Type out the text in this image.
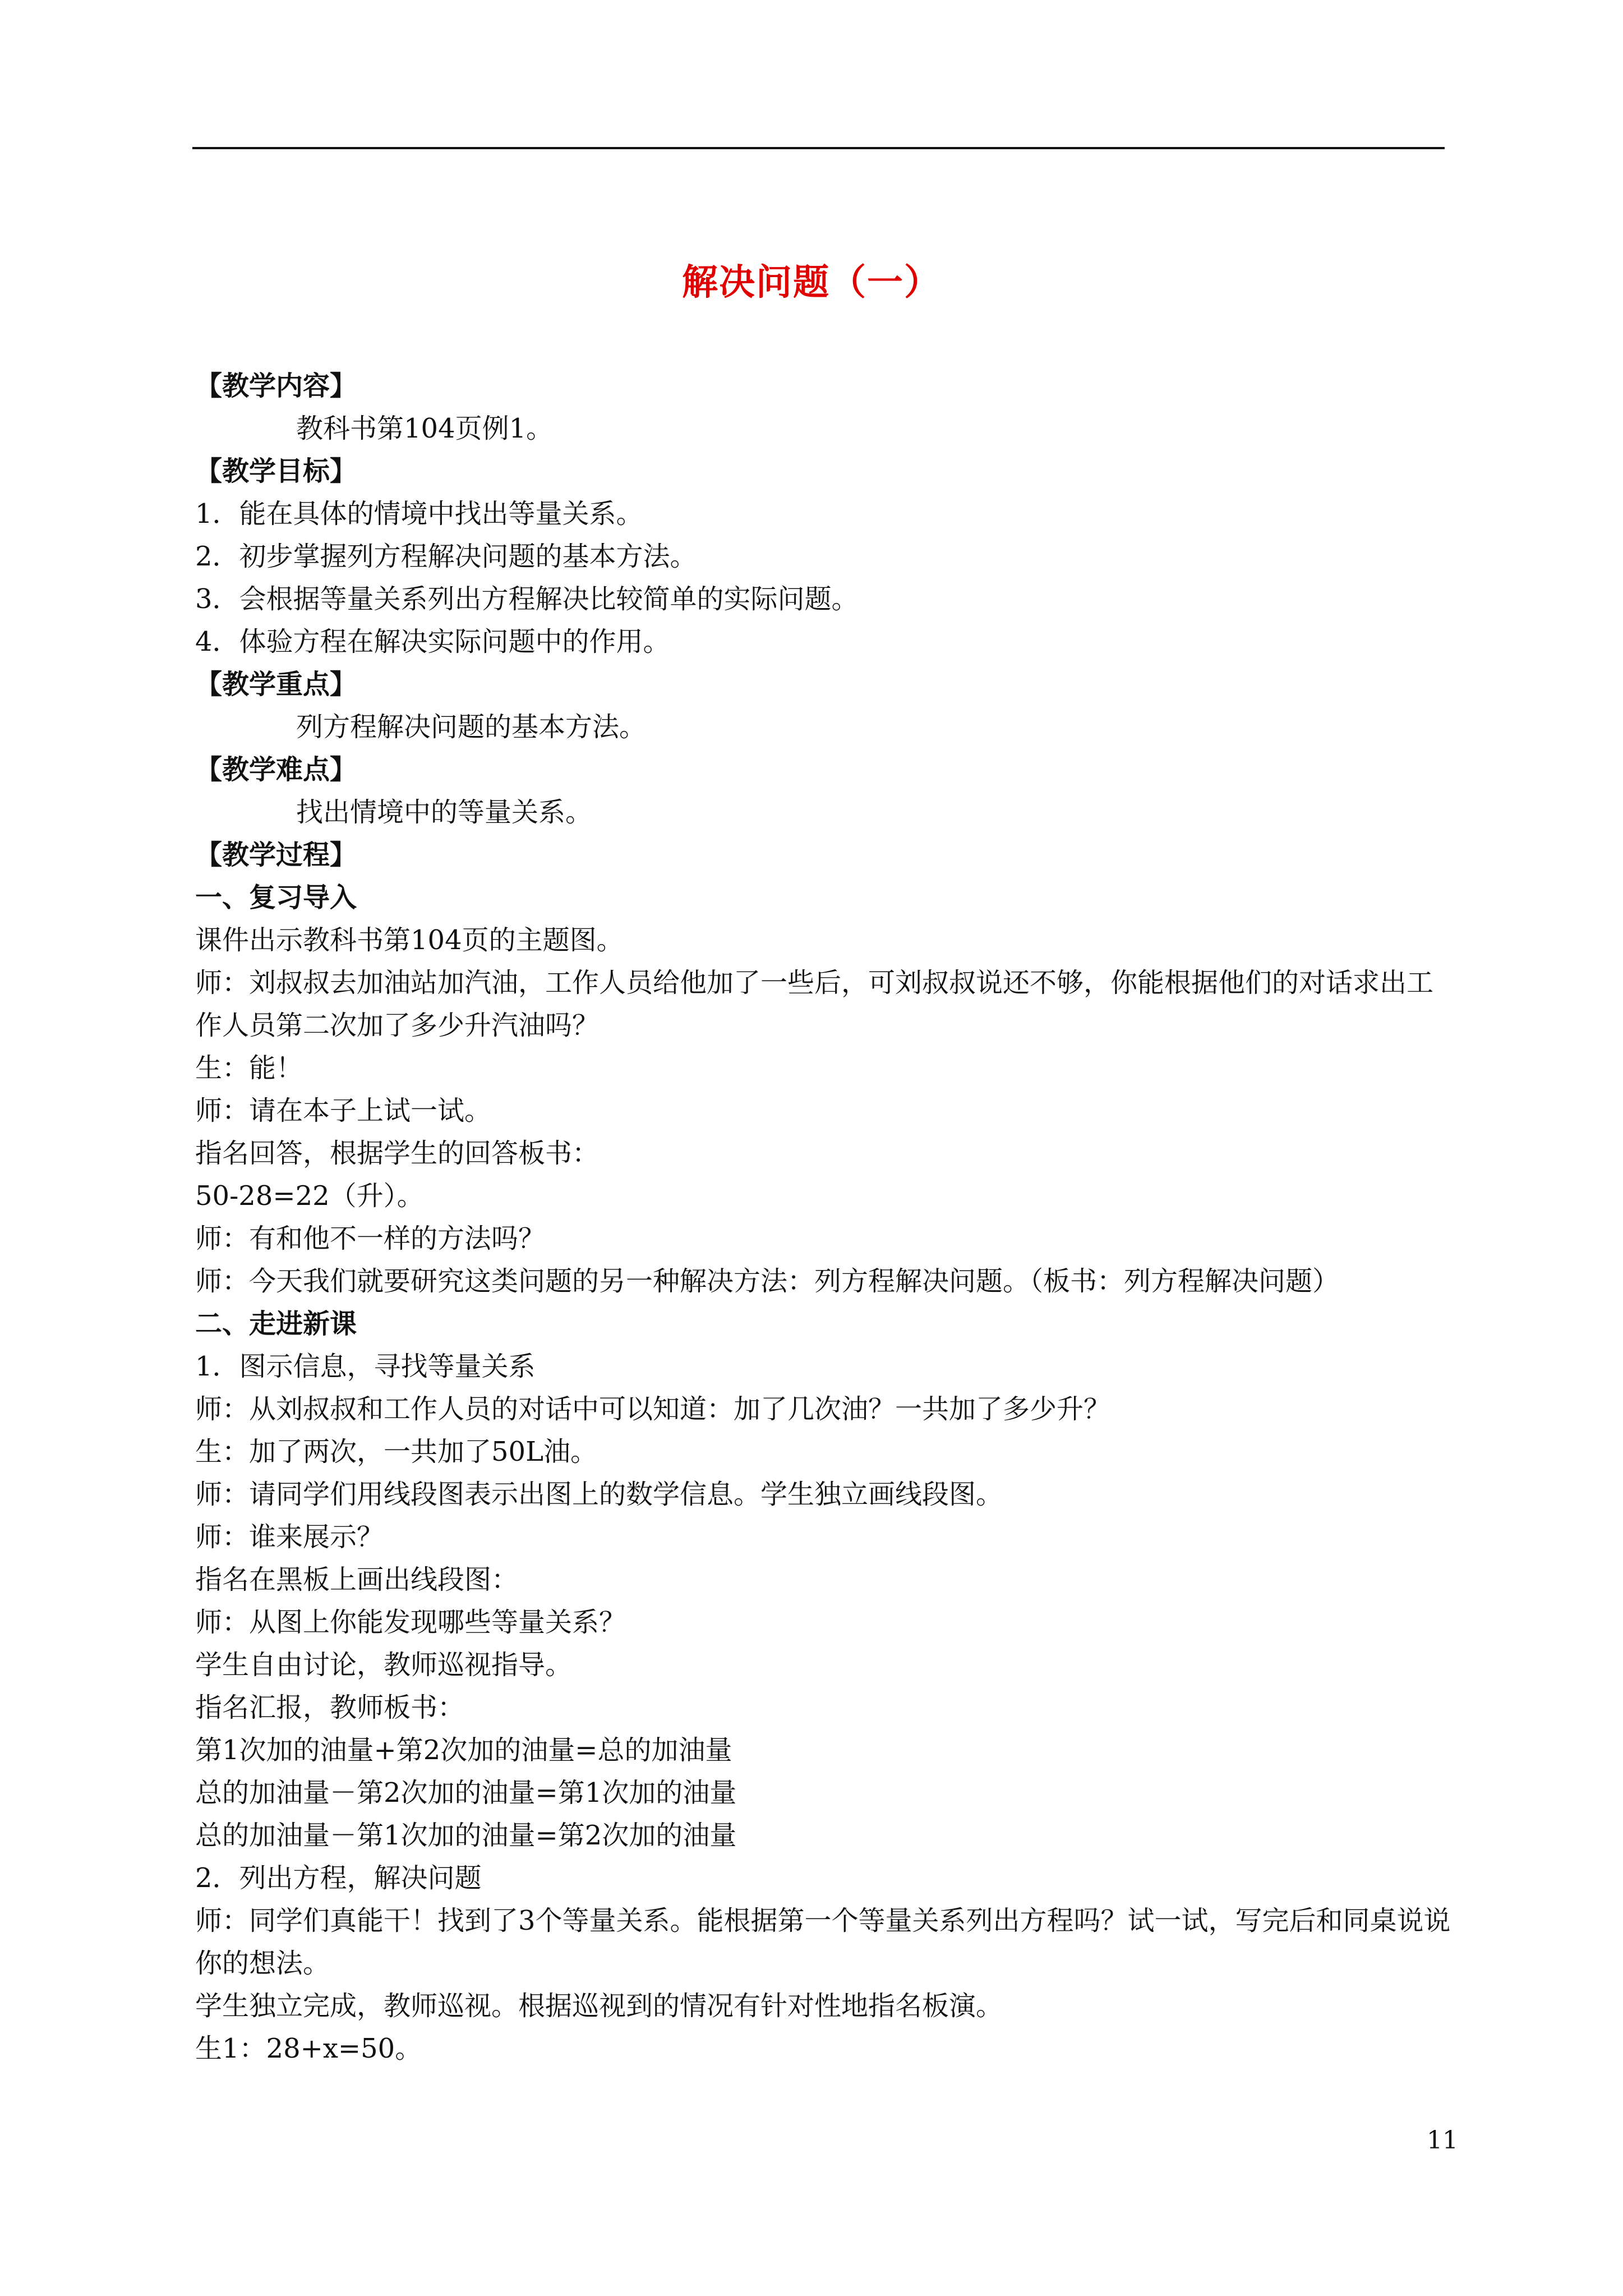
解决问题（一）
【教学内容】
教科书第104页例1。
【教学目标】
1．能在具体的情境中找出等量关系。
2．初步掌握列方程解决问题的基本方法。
3．会根据等量关系列出方程解决比较简单的实际问题。
4．体验方程在解决实际问题中的作用。
【教学重点】
列方程解决问题的基本方法。
【教学难点】
找出情境中的等量关系。
【教学过程】
一、复习导入
课件出示教科书第104页的主题图。
师：刘叔叔去加油站加汽油，工作人员给他加了一些后，可刘叔叔说还不够，你能根据他们的对话求出工作人员第二次加了多少升汽油吗？
生：能！
师：请在本子上试一试。
指名回答，根据学生的回答板书：
50-28=22（升）。
师：有和他不一样的方法吗？
师：今天我们就要研究这类问题的另一种解决方法：列方程解决问题。（板书：列方程解决问题）
二、走进新课
1．图示信息，寻找等量关系
师：从刘叔叔和工作人员的对话中可以知道：加了几次油？一共加了多少升？
生：加了两次，一共加了50L油。
师：请同学们用线段图表示出图上的数学信息。学生独立画线段图。
师：谁来展示？
指名在黑板上画出线段图：
师：从图上你能发现哪些等量关系？
学生自由讨论，教师巡视指导。
指名汇报，教师板书：
第1次加的油量+第2次加的油量=总的加油量
总的加油量－第2次加的油量=第1次加的油量
总的加油量－第1次加的油量=第2次加的油量
2．列出方程，解决问题
师：同学们真能干！找到了3个等量关系。能根据第一个等量关系列出方程吗？试一试，写完后和同桌说说你的想法。
学生独立完成，教师巡视。根据巡视到的情况有针对性地指名板演。
生1：28+x=50。
11
